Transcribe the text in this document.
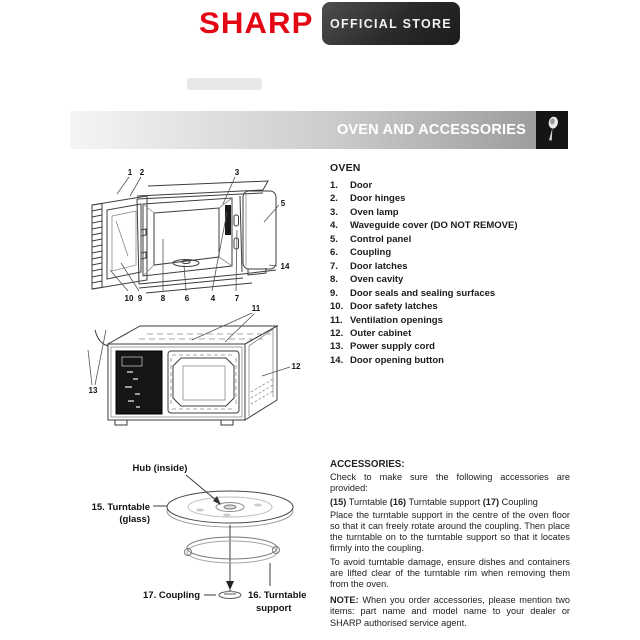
SHARP	OFFICIAL STORE
OVEN AND ACCESSORIES
1 2	3
5
14
10 9 8 6	4 7
11
12
13
Hub (inside)
15. Turntable
(glass)
17. Coupling	16. Turntable
support
OVEN
1.	Door
2.	Door hinges
3.	Oven lamp
4.	Waveguide cover (DO NOT REMOVE)
5.	Control panel
6.	Coupling
7.	Door latches
8.	Oven cavity
9.	Door seals and sealing surfaces
10. Door safety latches
11. Ventilation openings
12. Outer cabinet
13. Power supply cord
14. Door opening button
ACCESSORIES:

Check to make sure the following accessories are provided:

(15) Turntable (16) Turntable support (17) Coupling

Place the turntable support in the centre of the oven floor so that it can freely rotate around the coupling. Then place the turntable on to the turntable support so that it locates firmly into the coupling.

To avoid turntable damage, ensure dishes and containers are lifted clear of the turntable rim when removing them from the oven.

NOTE: When you order accessories, please mention two items: part name and model name to your dealer or SHARP authorised service agent.
